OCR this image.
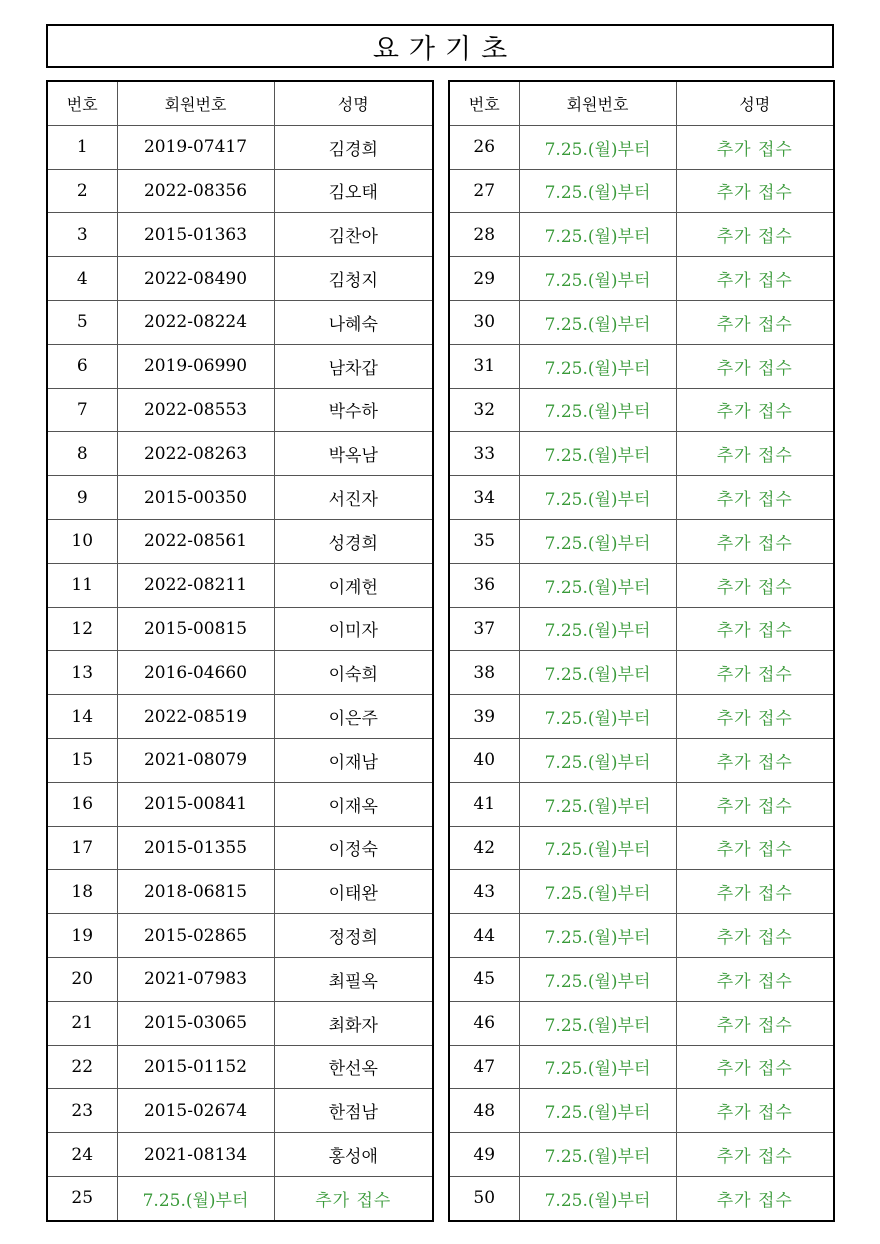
요가기초
번호	회원번호	성명
1	2019-07417	김경희
2	2022-08356	김오태
3	2015-01363	김찬아
4	2022-08490	김청지
5	2022-08224	나혜숙
6	2019-06990	남차갑
7	2022-08553	박수하
8	2022-08263	박옥남
9	2015-00350	서진자
10	2022-08561	성경희
11	2022-08211	이계헌
12	2015-00815	이미자
13	2016-04660	이숙희
14	2022-08519	이은주
15	2021-08079	이재남
16	2015-00841	이재옥
17	2015-01355	이정숙
18	2018-06815	이태완
19	2015-02865	정정희
20	2021-07983	최필옥
21	2015-03065	최화자
22	2015-01152	한선옥
23	2015-02674	한점남
24	2021-08134	홍성애
25	7.25.(월)부터	추가 접수
번호	회원번호	성명
26	7.25.(월)부터	추가 접수
27	7.25.(월)부터	추가 접수
28	7.25.(월)부터	추가 접수
29	7.25.(월)부터	추가 접수
30	7.25.(월)부터	추가 접수
31	7.25.(월)부터	추가 접수
32	7.25.(월)부터	추가 접수
33	7.25.(월)부터	추가 접수
34	7.25.(월)부터	추가 접수
35	7.25.(월)부터	추가 접수
36	7.25.(월)부터	추가 접수
37	7.25.(월)부터	추가 접수
38	7.25.(월)부터	추가 접수
39	7.25.(월)부터	추가 접수
40	7.25.(월)부터	추가 접수
41	7.25.(월)부터	추가 접수
42	7.25.(월)부터	추가 접수
43	7.25.(월)부터	추가 접수
44	7.25.(월)부터	추가 접수
45	7.25.(월)부터	추가 접수
46	7.25.(월)부터	추가 접수
47	7.25.(월)부터	추가 접수
48	7.25.(월)부터	추가 접수
49	7.25.(월)부터	추가 접수
50	7.25.(월)부터	추가 접수
